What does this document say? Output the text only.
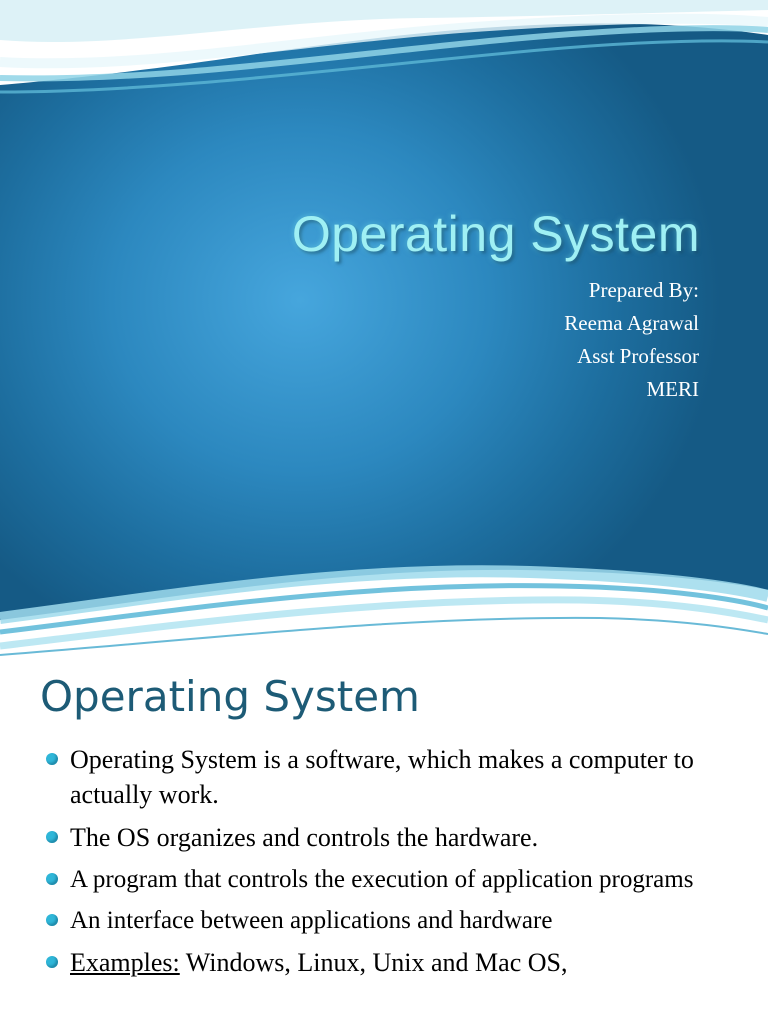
Operating System
Prepared By:
Reema Agrawal
Asst Professor
MERI
Operating System
Operating System is a software, which makes a computer to actually work.
The OS organizes and controls the hardware.
A program that controls the execution of application programs
An interface between applications and hardware
Examples: Windows, Linux, Unix and Mac OS,
